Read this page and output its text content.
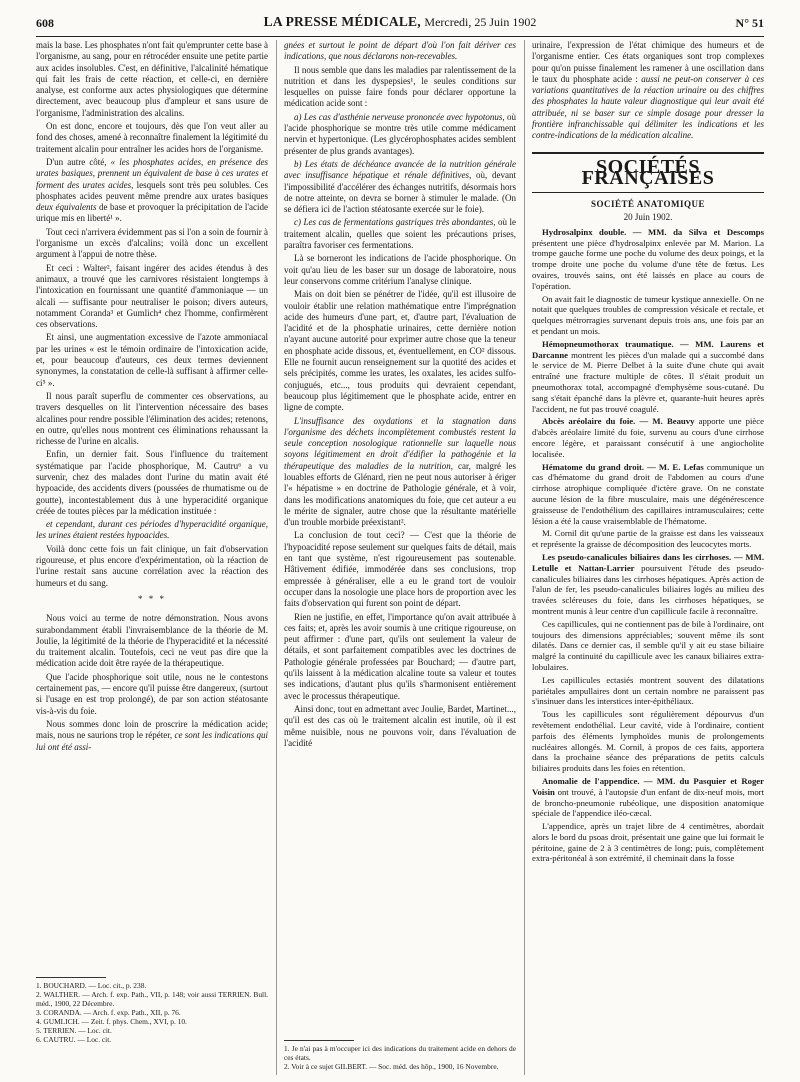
608	LA PRESSE MÉDICALE, Mercredi, 25 Juin 1902	N° 51

mais la base. Les phosphates n'ont fait qu'emprunter cette base à l'organisme, au sang, pour en rétrocéder ensuite une petite partie aux acides insolubles. C'est, en définitive, l'alcalinité hématique qui fait les frais de cette réaction, et celle-ci, en dernière analyse, est conforme aux actes physiologiques que détermine directement, avec beaucoup plus d'ampleur et sans usure de l'organisme, l'administration des alcalins.

On est donc, encore et toujours, dès que l'on veut aller au fond des choses, amené à reconnaître finalement la légitimité du traitement alcalin pour entraîner les acides hors de l'organisme.

D'un autre côté, « les phosphates acides, en présence des urates basiques, prennent un équivalent de base à ces urates et forment des urates acides, lesquels sont très peu solubles. Ces phosphates acides peuvent même prendre aux urates basiques deux équivalents de base et provoquer la précipitation de l'acide urique mis en liberté¹ ».

Tout ceci n'arrivera évidemment pas si l'on a soin de fournir à l'organisme un excès d'alcalins; voilà donc un excellent argument à l'appui de notre thèse.

Et ceci : Walter², faisant ingérer des acides étendus à des animaux, a trouvé que les carnivores résistaient longtemps à l'intoxication en fournissant une quantité d'ammoniaque — un alcali — suffisante pour neutraliser le poison; divers auteurs, notamment Coranda³ et Gumlich⁴ chez l'homme, confirmèrent ces observations.

Et ainsi, une augmentation excessive de l'azote ammoniacal par les urines « est le témoin ordinaire de l'intoxication acide, et, pour beaucoup d'auteurs, ces deux termes deviennent synonymes, la constatation de celle-là suffisant à affirmer celle-ci⁵ ».

Il nous paraît superflu de commenter ces observations, au travers desquelles on lit l'intervention nécessaire des bases alcalines pour rendre possible l'élimination des acides; retenons, en outre, qu'elles nous montrent ces éliminations rehaussant la richesse de l'urine en alcalis.

Enfin, un dernier fait. Sous l'influence du traitement systématique par l'acide phosphorique, M. Cautru⁶ a vu survenir, chez des malades dont l'urine du matin avait été hypoacide, des accidents divers (poussées de rhumatisme ou de goutte), incontestablement dus à une hyperacidité organique créée de toutes pièces par la médication instituée :

et cependant, durant ces périodes d'hyperacidité organique, les urines étaient restées hypoacides.

Voilà donc cette fois un fait clinique, un fait d'observation rigoureuse, et plus encore d'expérimentation, où la réaction de l'urine restait sans aucune corrélation avec la réaction des humeurs et du sang.

* * *

Nous voici au terme de notre démonstration. Nous avons surabondamment établi l'invraisemblance de la théorie de M. Joulie, la légitimité de la théorie de l'hyperacidité et la nécessité du traitement alcalin. Toutefois, ceci ne veut pas dire que la médication acide doit être rayée de la thérapeutique.

Que l'acide phosphorique soit utile, nous ne le contestons certainement pas, — encore qu'il puisse être dangereux, (surtout si l'usage en est trop prolongé), de par son action stéatosante vis-à-vis du foie.

Nous sommes donc loin de proscrire la médication acide; mais, nous ne saurions trop le répéter, ce sont les indications qui lui ont été assi-

1. BOUCHARD. — Loc. cit., p. 238.
2. WALTHER. — Arch. f. exp. Path., VII, p. 148; voir aussi TERRIEN. Bull. méd., 1900, 22 Décembre.
3. CORANDA. — Arch. f. exp. Path., XII, p. 76.
4. GUMLICH. — Zeit. f. phys. Chem., XVI, p. 10.
5. TERRIEN. — Loc. cit.
6. CAUTRU. — Loc. cit.

gnées et surtout le point de départ d'où l'on fait dériver ces indications, que nous déclarons non-recevables.

Il nous semble que dans les maladies par ralentissement de la nutrition et dans les dyspepsies¹, le seules conditions sur lesquelles on puisse faire fonds pour déclarer opportune la médication acide sont :

a) Les cas d'asthénie nerveuse prononcée avec hypotonus, où l'acide phosphorique se montre très utile comme médicament nervin et hypertonique. (Les glycérophosphates acides semblent présenter de plus grands avantages).

b) Les états de déchéance avancée de la nutrition générale avec insuffisance hépatique et rénale définitives, où, devant l'impossibilité d'accélérer des échanges nutritifs, désormais hors de notre atteinte, on devra se borner à stimuler le malade. (On se défiera ici de l'action stéatosante exercée sur le foie).

c) Les cas de fermentations gastriques très abondantes, où le traitement alcalin, quelles que soient les précautions prises, paraîtra favoriser ces fermentations.

Là se borneront les indications de l'acide phosphorique. On voit qu'au lieu de les baser sur un dosage de laboratoire, nous leur conservons comme critérium l'analyse clinique.

Mais on doit bien se pénétrer de l'idée, qu'il est illusoire de vouloir établir une relation mathématique entre l'imprégnation acide des humeurs d'une part, et, d'autre part, l'évaluation de l'acidité et de la phosphatie urinaires, cette dernière notion n'ayant aucune autorité pour exprimer autre chose que la teneur en phosphate acide dissous, et, éventuellement, en CO² dissous. Elle ne fournit aucun renseignement sur la quotité des acides et sels précipités, comme les urates, les oxalates, les acides sulfo-conjugués, etc..., tous produits qui devraient cependant, beaucoup plus légitimement que le phosphate acide, entrer en ligne de compte.

L'insuffisance des oxydations et la stagnation dans l'organisme des déchets incomplètement combustés restent la seule conception nosologique rationnelle sur laquelle nous soyons légitimement en droit d'édifier la pathogénie et la thérapeutique des maladies de la nutrition, car, malgré les louables efforts de Glénard, rien ne peut nous autoriser à ériger l'« hépatisme » en doctrine de Pathologie générale, et à voir, dans les modifications anatomiques du foie, que cet auteur a eu le mérite de signaler, autre chose que la résultante matérielle d'un trouble morbide préexistant².

La conclusion de tout ceci? — C'est que la théorie de l'hypoacidité repose seulement sur quelques faits de détail, mais en tant que système, n'est rigoureusement pas soutenable. Hâtivement édifiée, immodérée dans ses conclusions, trop empressée à généraliser, elle a eu le grand tort de vouloir occuper dans la nosologie une place hors de proportion avec les faits d'observation qui furent son point de départ.

Rien ne justifie, en effet, l'importance qu'on avait attribuée à ces faits; et, après les avoir soumis à une critique rigoureuse, on peut affirmer : d'une part, qu'ils ont seulement la valeur de détails, et sont parfaitement compatibles avec les doctrines de Pathologie générale professées par Bouchard; — d'autre part, qu'ils laissent à la médication alcaline toute sa valeur et toutes ses indications, d'autant plus qu'ils s'harmonisent entièrement avec le processus thérapeutique.

Ainsi donc, tout en admettant avec Joulie, Bardet, Martinet..., qu'il est des cas où le traitement alcalin est inutile, où il est même nuisible, nous ne pouvons voir, dans l'évaluation de l'acidité

1. Je n'ai pas à m'occuper ici des indications du traitement acide en dehors de ces états.
2. Voir à ce sujet GILBERT. — Soc. méd. des hôp., 1900, 16 Novembre.

urinaire, l'expression de l'état chimique des humeurs et de l'organisme entier. Ces états organiques sont trop complexes pour qu'on puisse finalement les ramener à une oscillation dans le taux du phosphate acide : aussi ne peut-on conserver à ces variations quantitatives de la réaction urinaire ou des chiffres des phosphates la haute valeur diagnostique qui leur avait été attribuée, ni se baser sur ce simple dosage pour dresser la frontière infranchissable qui délimiter les indications et les contre-indications de la médication alcaline.

SOCIÉTÉS FRANÇAISES
SOCIÉTÉ ANATOMIQUE
20 Juin 1902.

Hydrosalpinx double. — MM. da Silva et Descomps présentent une pièce d'hydrosalpinx enlevée par M. Marion. La trompe gauche forme une poche du volume des deux poings, et la trompe droite une poche du volume d'une tête de fœtus. Les ovaires, trouvés sains, ont été laissés en place au cours de l'opération.

On avait fait le diagnostic de tumeur kystique annexielle. On ne notait que quelques troubles de compression vésicale et rectale, et quelques métrorragies survenant depuis trois ans, une fois par an et pendant un mois.

Hémopneumothorax traumatique. — MM. Laurens et Darcanne montrent les pièces d'un malade qui a succombé dans le service de M. Pierre Delbet à la suite d'une chute qui avait entraîné une fracture multiple de côtes. Il s'était produit un pneumothorax total, accompagné d'emphysème sous-cutané. Du sang s'était épanché dans la plèvre et, quarante-huit heures après l'accident, ne fut pas trouvé coagulé.

Abcès aréolaire du foie. — M. Beauvy apporte une pièce d'abcès aréolaire limité du foie, survenu au cours d'une cirrhose encore légère, et paraissant consécutif à une angiocholite localisée.

Hématome du grand droit. — M. E. Lefas communique un cas d'hématome du grand droit de l'abdomen au cours d'une cirrhose atrophique compliquée d'ictère grave. On ne constate aucune lésion de la fibre musculaire, mais une dégénérescence graisseuse de l'endothélium des capillaires intramusculaires; cette lésion a été la cause vraisemblable de l'hématome.

M. Cornil dit qu'une partie de la graisse est dans les vaisseaux et représente la graisse de décomposition des leucocytes morts.

Les pseudo-canalicules biliaires dans les cirrhoses. — MM. Letulle et Nattan-Larrier poursuivent l'étude des pseudo-canalicules biliaires dans les cirrhoses hépatiques. Après action de l'alun de fer, les pseudo-canalicules biliaires logés au milieu des travées scléreuses du foie, dans les cirrhoses hépatiques, se montrent munis à leur centre d'un capillicule facile à reconnaître.

Ces capillicules, qui ne contiennent pas de bile à l'ordinaire, ont toujours des dimensions appréciables; souvent même ils sont dilatés. Dans ce dernier cas, il semble qu'il y ait eu stase biliaire malgré la continuité du capillicule avec les canaux biliaires extra-lobulaires.

Les capillicules ectasiés montrent souvent des dilatations pariétales ampullaires dont un certain nombre ne paraissent pas s'insinuer dans les interstices inter-épithéliaux.

Tous les capillicules sont régulièrement dépourvus d'un revêtement endothélial. Leur cavité, vide à l'ordinaire, contient parfois des éléments lymphoïdes munis de prolongements nucléaires allongés. M. Cornil, à propos de ces faits, apportera dans la prochaine séance des préparations de petits calculs biliaires produits dans les foies en rétention.

Anomalie de l'appendice. — MM. du Pasquier et Roger Voisin ont trouvé, à l'autopsie d'un enfant de dix-neuf mois, mort de broncho-pneumonie rubéolique, une disposition anatomique spéciale de l'appendice iléo-cæcal.

L'appendice, après un trajet libre de 4 centimètres, abordait alors le bord du psoas droit, présentait une gaine que lui formait le péritoine, gaine de 2 à 3 centimètres de long; puis, complètement extra-péritonéal à son extrémité, il cheminait dans la fosse
